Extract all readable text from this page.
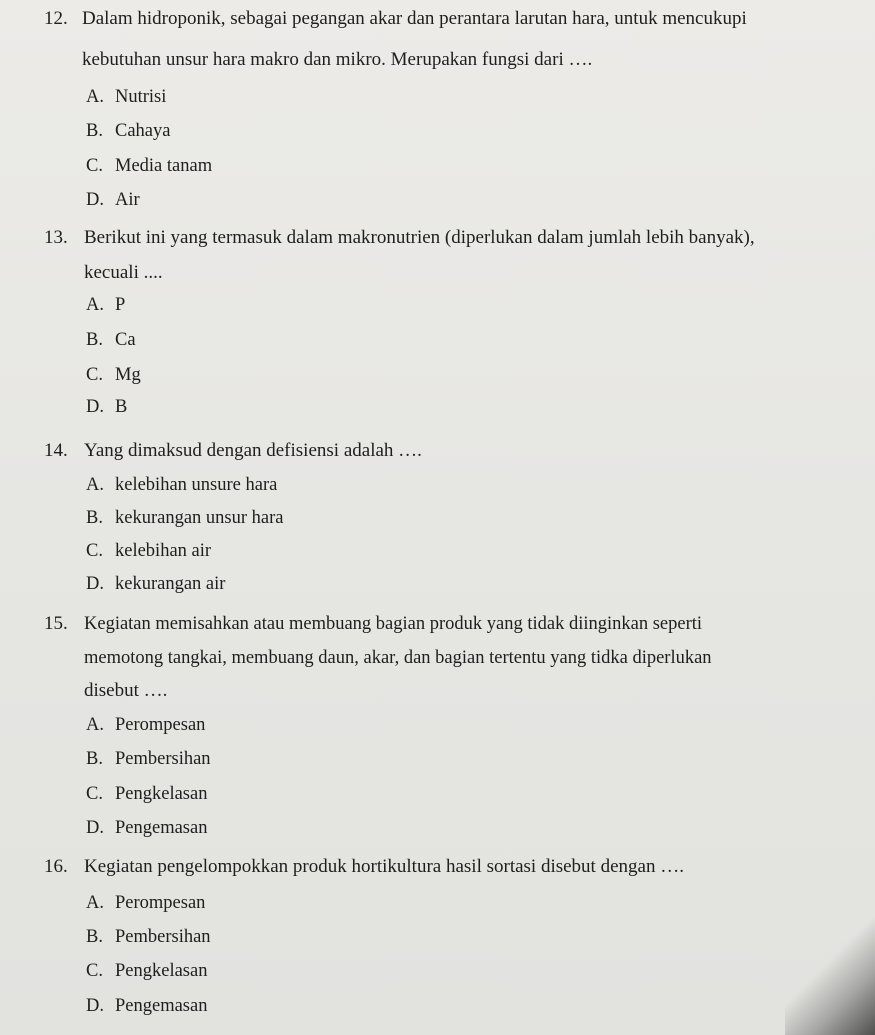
12. Dalam hidroponik, sebagai pegangan akar dan perantara larutan hara, untuk mencukupi
kebutuhan unsur hara makro dan mikro. Merupakan fungsi dari ….
A. Nutrisi
B. Cahaya
C. Media tanam
D. Air
13. Berikut ini yang termasuk dalam makronutrien (diperlukan dalam jumlah lebih banyak),
kecuali ....
A. P
B. Ca
C. Mg
D. B
14. Yang dimaksud dengan defisiensi adalah ….
A. kelebihan unsure hara
B. kekurangan unsur hara
C. kelebihan air
D. kekurangan air
15. Kegiatan memisahkan atau membuang bagian produk yang tidak diinginkan seperti
memotong tangkai, membuang daun, akar, dan bagian tertentu yang tidka diperlukan
disebut ….
A. Perompesan
B. Pembersihan
C. Pengkelasan
D. Pengemasan
16. Kegiatan pengelompokkan produk hortikultura hasil sortasi disebut dengan ….
A. Perompesan
B. Pembersihan
C. Pengkelasan
D. Pengemasan
